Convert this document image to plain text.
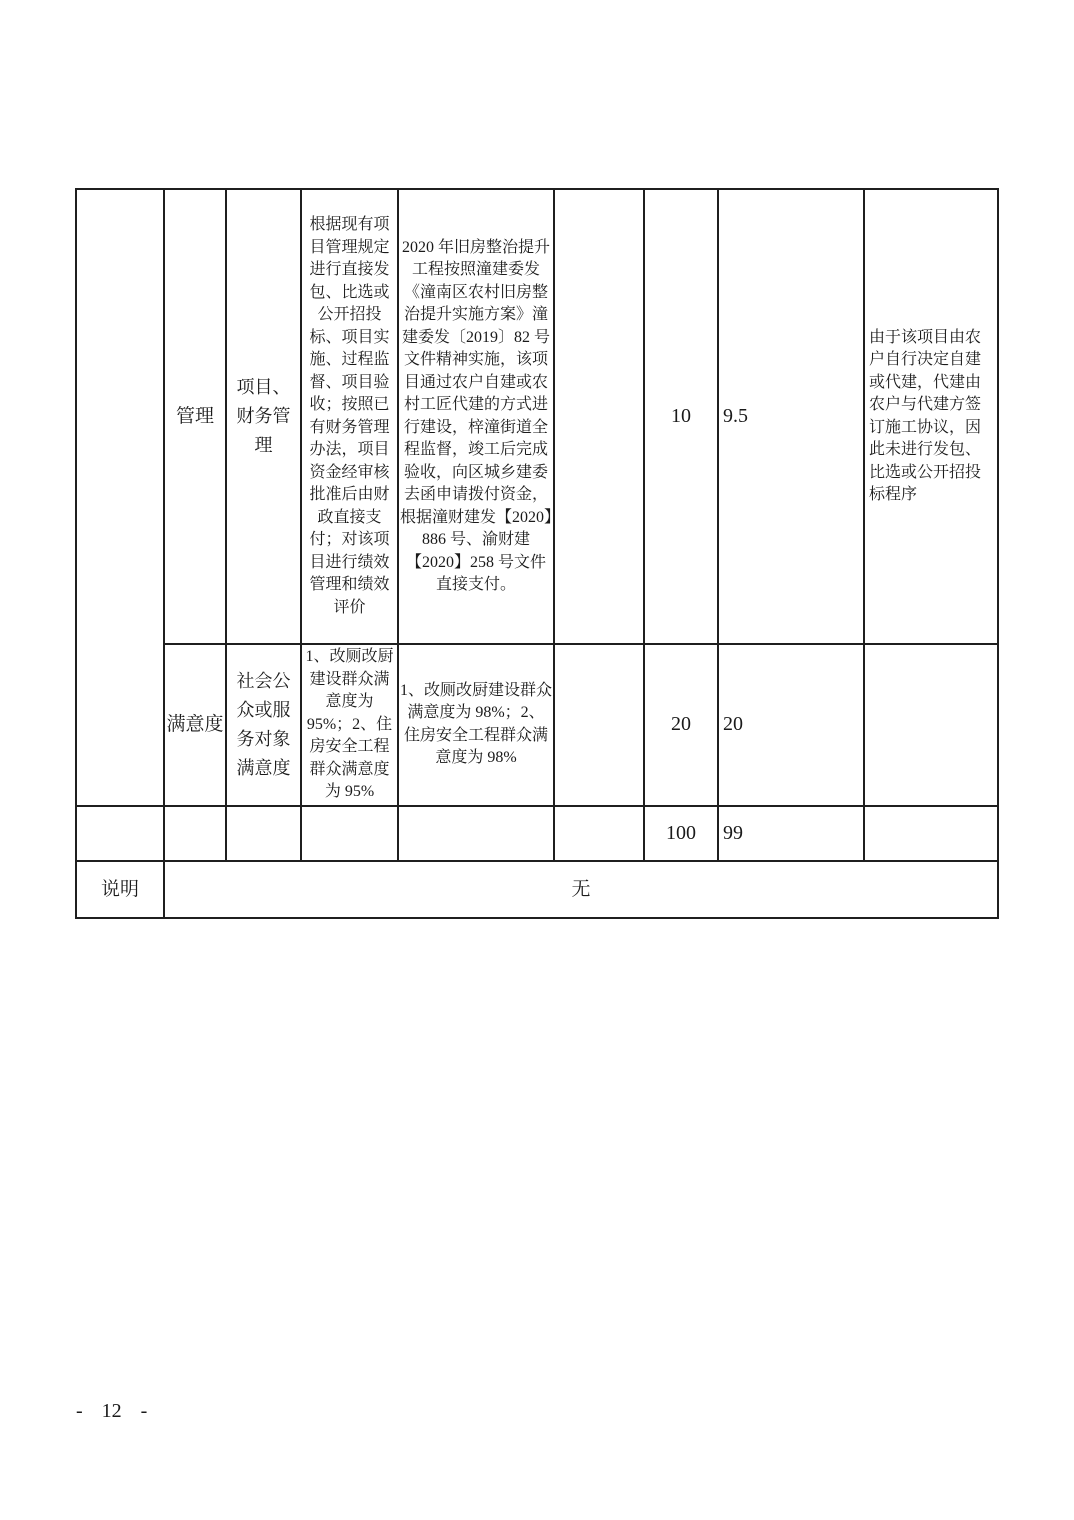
	管理	项目、财务管理	根据现有项目管理规定进行直接发包、比选或公开招投标、项目实施、过程监督、项目验收；按照已有财务管理办法，项目资金经审核批准后由财政直接支付；对该项目进行绩效管理和绩效评价	2020 年旧房整治提升工程按照潼建委发《潼南区农村旧房整治提升实施方案》潼建委发〔2019〕82 号文件精神实施，该项目通过农户自建或农村工匠代建的方式进行建设，梓潼街道全程监督，竣工后完成验收，向区城乡建委去函申请拨付资金，根据潼财建发【2020】886 号、渝财建【2020】258 号文件直接支付。		10	9.5	由于该项目由农户自行决定自建或代建，代建由农户与代建方签订施工协议，因此未进行发包、比选或公开招投标程序
	满意度	社会公众或服务对象满意度	1、改厕改厨建设群众满意度为 95%；2、住房安全工程群众满意度为 95%	1、改厕改厨建设群众满意度为 98%；2、住房安全工程群众满意度为 98%		20	20	
						100	99	
说明	无							
- 12 -
